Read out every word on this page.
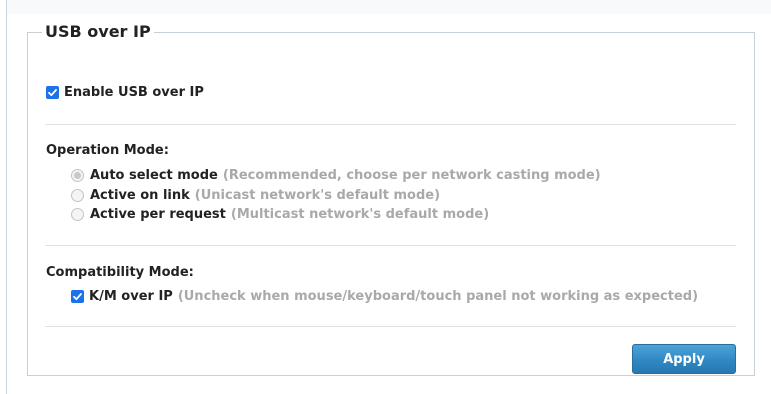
USB over IP
Enable USB over IP
Operation Mode:
Auto select mode (Recommended, choose per network casting mode)
Active on link (Unicast network's default mode)
Active per request (Multicast network's default mode)
Compatibility Mode:
K/M over IP (Uncheck when mouse/keyboard/touch panel not working as expected)
Apply
